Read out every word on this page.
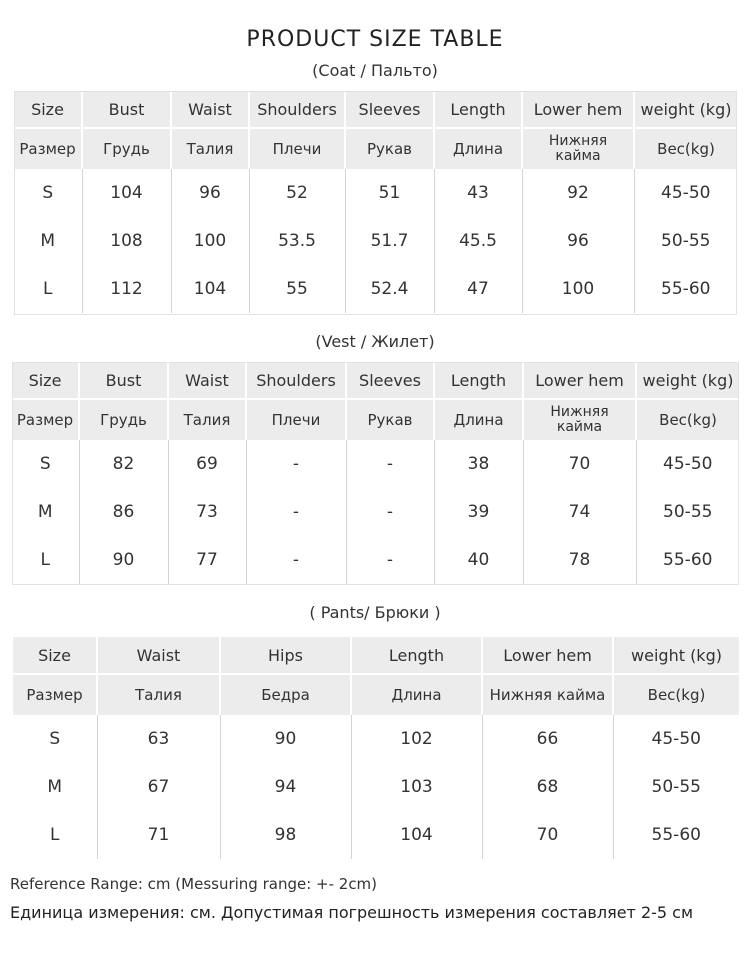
PRODUCT SIZE TABLE
(Coat / Пальто)
Size	Bust	Waist	Shoulders	Sleeves	Length	Lower hem	weight (kg)
Размер	Грудь	Талия	Плечи	Рукав	Длина	Нижняя кайма	Вес(kg)
S	104	96	52	51	43	92	45-50
M	108	100	53.5	51.7	45.5	96	50-55
L	112	104	55	52.4	47	100	55-60
(Vest / Жилет)
Size	Bust	Waist	Shoulders	Sleeves	Length	Lower hem	weight (kg)
Размер	Грудь	Талия	Плечи	Рукав	Длина	Нижняя кайма	Вес(kg)
S	82	69	-	-	38	70	45-50
M	86	73	-	-	39	74	50-55
L	90	77	-	-	40	78	55-60
( Pants/ Брюки )
Size	Waist	Hips	Length	Lower hem	weight (kg)
Размер	Талия	Бедра	Длина	Нижняя кайма	Вес(kg)
S	63	90	102	66	45-50
M	67	94	103	68	50-55
L	71	98	104	70	55-60
Reference Range: cm (Messuring range: +- 2cm)
Единица измерения: см. Допустимая погрешность измерения составляет 2-5 см
